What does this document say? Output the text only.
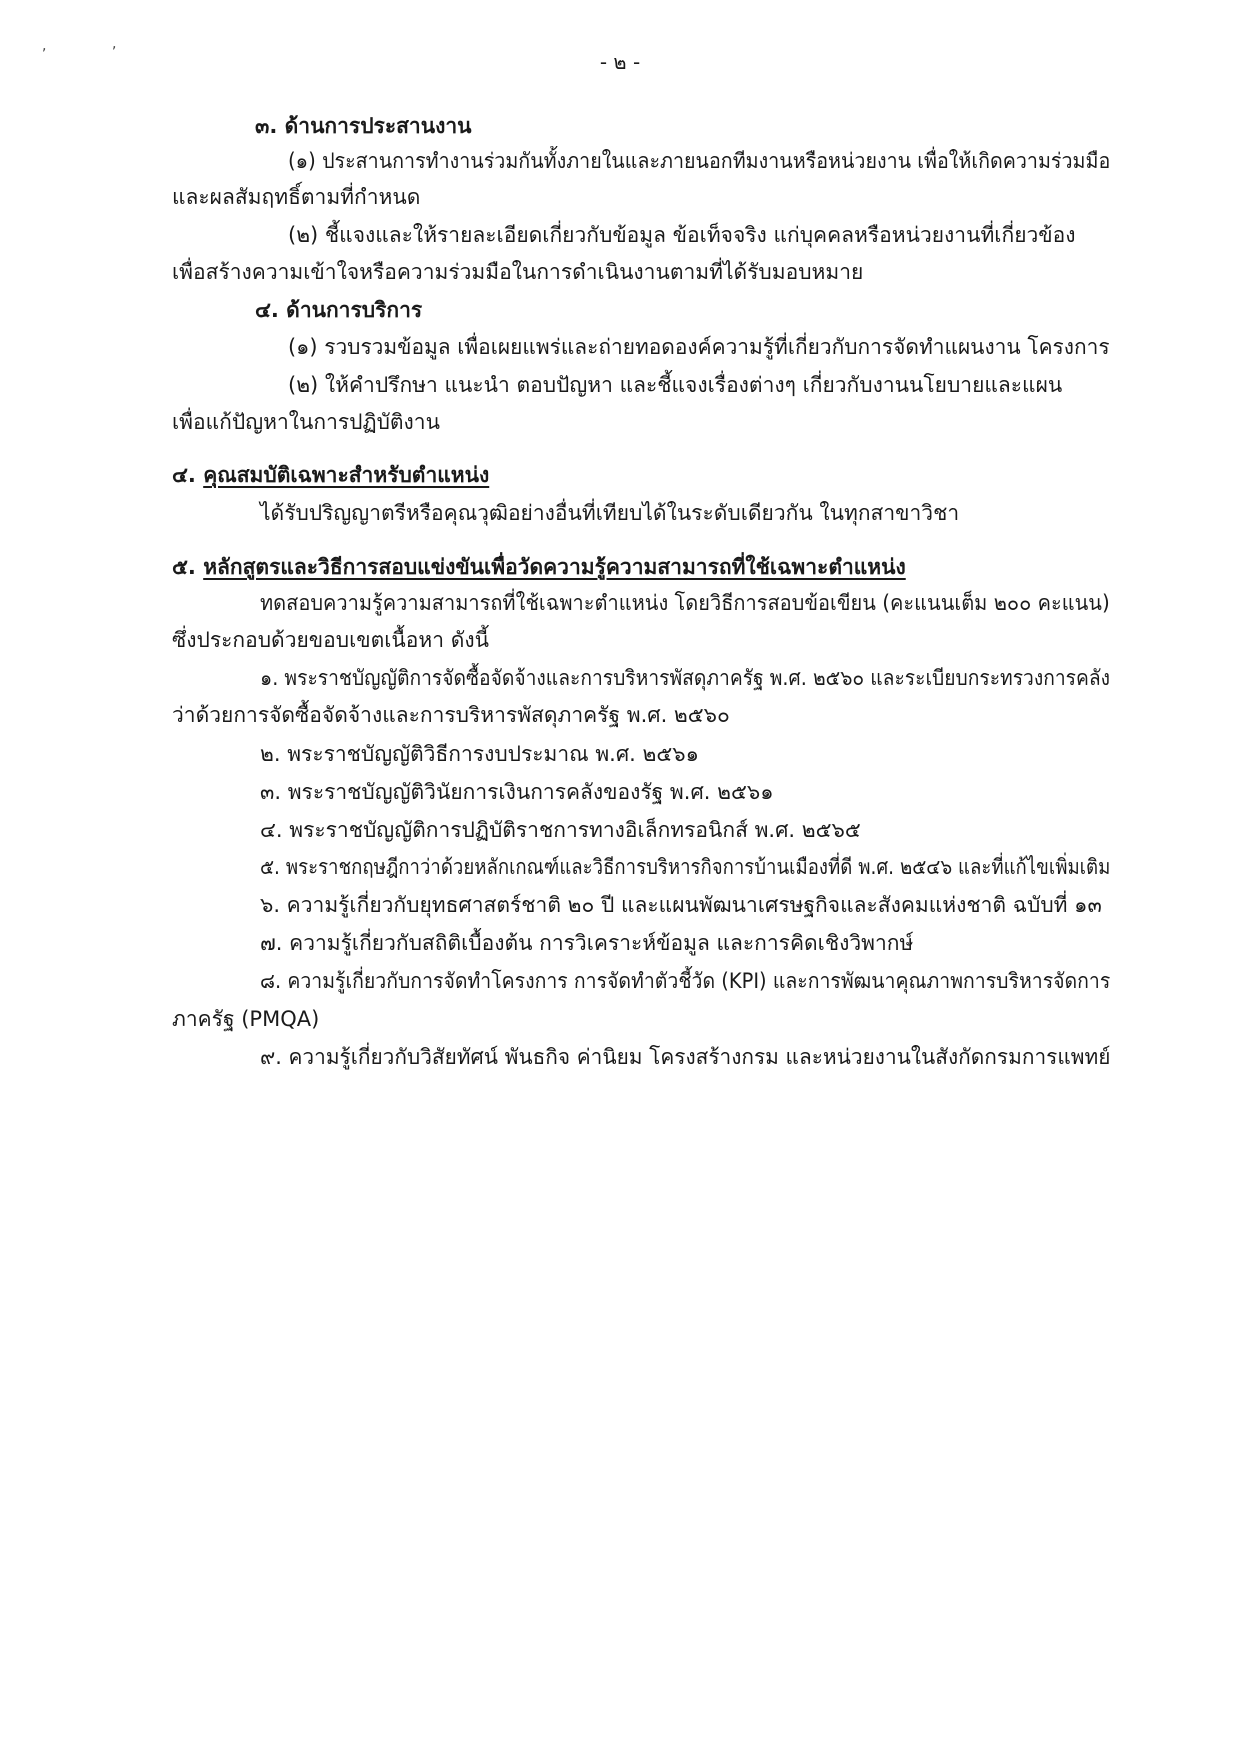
,	,
- ๒ -
๓. ด้านการประสานงาน
(๑) ประสานการทำงานร่วมกันทั้งภายในและภายนอกทีมงานหรือหน่วยงาน เพื่อให้เกิดความร่วมมือ
และผลสัมฤทธิ์ตามที่กำหนด
(๒) ชี้แจงและให้รายละเอียดเกี่ยวกับข้อมูล ข้อเท็จจริง แก่บุคคลหรือหน่วยงานที่เกี่ยวข้อง
เพื่อสร้างความเข้าใจหรือความร่วมมือในการดำเนินงานตามที่ได้รับมอบหมาย
๔. ด้านการบริการ
(๑) รวบรวมข้อมูล เพื่อเผยแพร่และถ่ายทอดองค์ความรู้ที่เกี่ยวกับการจัดทำแผนงาน โครงการ
(๒) ให้คำปรึกษา แนะนำ ตอบปัญหา และชี้แจงเรื่องต่างๆ เกี่ยวกับงานนโยบายและแผน
เพื่อแก้ปัญหาในการปฏิบัติงาน
๔. คุณสมบัติเฉพาะสำหรับตำแหน่ง
ได้รับปริญญาตรีหรือคุณวุฒิอย่างอื่นที่เทียบได้ในระดับเดียวกัน ในทุกสาขาวิชา
๕. หลักสูตรและวิธีการสอบแข่งขันเพื่อวัดความรู้ความสามารถที่ใช้เฉพาะตำแหน่ง
ทดสอบความรู้ความสามารถที่ใช้เฉพาะตำแหน่ง โดยวิธีการสอบข้อเขียน (คะแนนเต็ม ๒๐๐ คะแนน)
ซึ่งประกอบด้วยขอบเขตเนื้อหา ดังนี้
๑. พระราชบัญญัติการจัดซื้อจัดจ้างและการบริหารพัสดุภาครัฐ พ.ศ. ๒๕๖๐ และระเบียบกระทรวงการคลัง
ว่าด้วยการจัดซื้อจัดจ้างและการบริหารพัสดุภาครัฐ พ.ศ. ๒๕๖๐
๒. พระราชบัญญัติวิธีการงบประมาณ พ.ศ. ๒๕๖๑
๓. พระราชบัญญัติวินัยการเงินการคลังของรัฐ พ.ศ. ๒๕๖๑
๔. พระราชบัญญัติการปฏิบัติราชการทางอิเล็กทรอนิกส์ พ.ศ. ๒๕๖๕
๕. พระราชกฤษฎีกาว่าด้วยหลักเกณฑ์และวิธีการบริหารกิจการบ้านเมืองที่ดี พ.ศ. ๒๕๔๖ และที่แก้ไขเพิ่มเติม
๖. ความรู้เกี่ยวกับยุทธศาสตร์ชาติ ๒๐ ปี และแผนพัฒนาเศรษฐกิจและสังคมแห่งชาติ ฉบับที่ ๑๓
๗. ความรู้เกี่ยวกับสถิติเบื้องต้น การวิเคราะห์ข้อมูล และการคิดเชิงวิพากษ์
๘. ความรู้เกี่ยวกับการจัดทำโครงการ การจัดทำตัวชี้วัด (KPI) และการพัฒนาคุณภาพการบริหารจัดการ
ภาครัฐ (PMQA)
๙. ความรู้เกี่ยวกับวิสัยทัศน์ พันธกิจ ค่านิยม โครงสร้างกรม และหน่วยงานในสังกัดกรมการแพทย์
